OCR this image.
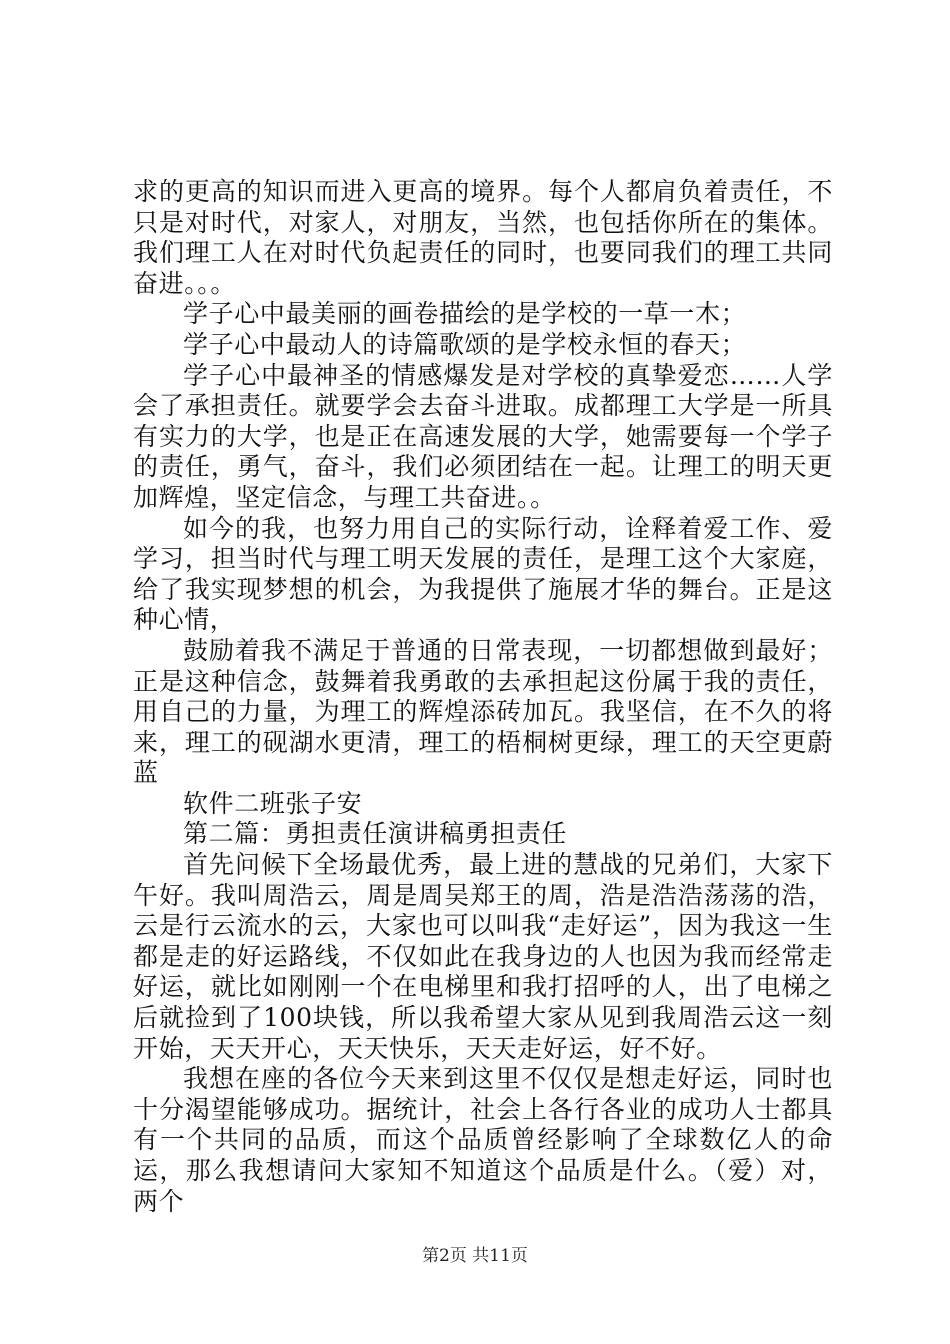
求的更高的知识而进入更高的境界。每个人都肩负着责任，不只是对时代，对家人，对朋友，当然，也包括你所在的集体。我们理工人在对时代负起责任的同时，也要同我们的理工共同奋进。。。

学子心中最美丽的画卷描绘的是学校的一草一木；

学子心中最动人的诗篇歌颂的是学校永恒的春天；

学子心中最神圣的情感爆发是对学校的真挚爱恋……人学会了承担责任。就要学会去奋斗进取。成都理工大学是一所具有实力的大学，也是正在高速发展的大学，她需要每一个学子的责任，勇气，奋斗，我们必须团结在一起。让理工的明天更加辉煌，坚定信念，与理工共奋进。。

如今的我，也努力用自己的实际行动，诠释着爱工作、爱学习，担当时代与理工明天发展的责任，是理工这个大家庭，给了我实现梦想的机会，为我提供了施展才华的舞台。正是这种心情，

鼓励着我不满足于普通的日常表现，一切都想做到最好；正是这种信念，鼓舞着我勇敢的去承担起这份属于我的责任，用自己的力量，为理工的辉煌添砖加瓦。我坚信，在不久的将来，理工的砚湖水更清，理工的梧桐树更绿，理工的天空更蔚蓝

软件二班张子安

第二篇：勇担责任演讲稿勇担责任

首先问候下全场最优秀，最上进的慧战的兄弟们，大家下午好。我叫周浩云，周是周吴郑王的周，浩是浩浩荡荡的浩，云是行云流水的云，大家也可以叫我“走好运”，因为我这一生都是走的好运路线，不仅如此在我身边的人也因为我而经常走好运，就比如刚刚一个在电梯里和我打招呼的人，出了电梯之后就捡到了100块钱，所以我希望大家从见到我周浩云这一刻开始，天天开心，天天快乐，天天走好运，好不好。

我想在座的各位今天来到这里不仅仅是想走好运，同时也十分渴望能够成功。据统计，社会上各行各业的成功人士都具有一个共同的品质，而这个品质曾经影响了全球数亿人的命运，那么我想请问大家知不知道这个品质是什么。（爱）对，两个

第2页 共11页
